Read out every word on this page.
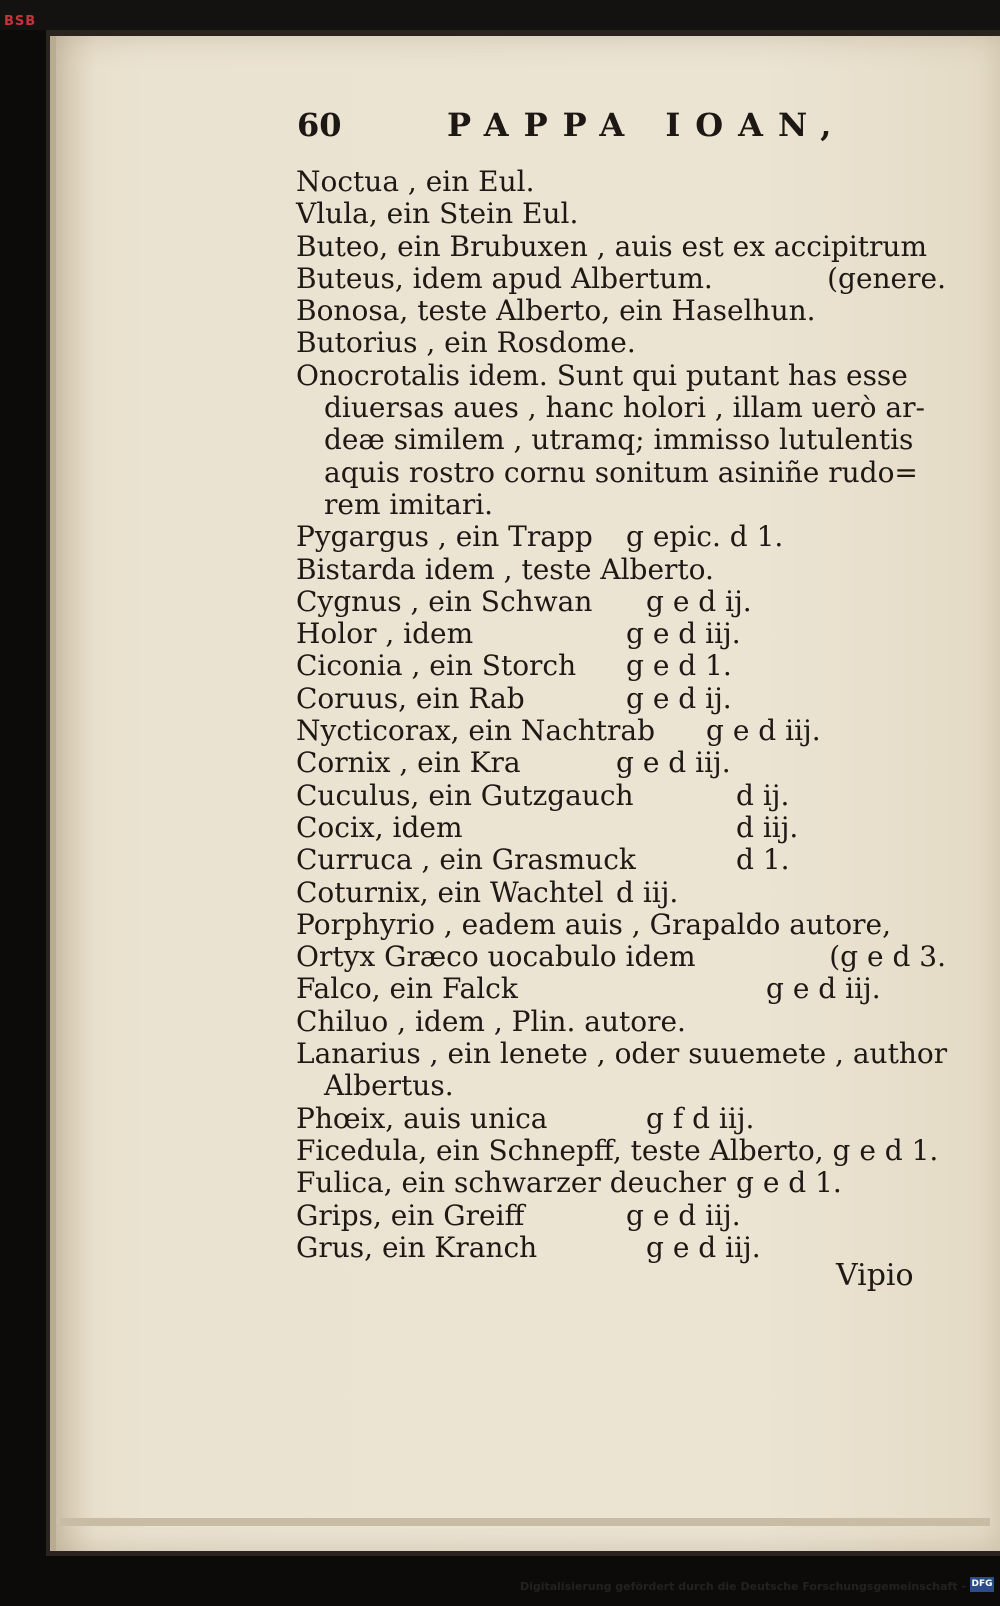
BSB
60	PAPPA IOAN,
Noctua , ein Eul.
Vlula, ein Stein Eul.
Buteo, ein Brubuxen , auis est ex accipitrum
Buteus, idem apud Albertum.	(genere.
Bonosa, teste Alberto, ein Haselhun.
Butorius , ein Rosdome.
Onocrotalis idem. Sunt qui putant has esse
diuersas aues , hanc holori , illam uerò ar-
deæ similem , utramq; immisso lutulentis
aquis rostro cornu sonitum asiniñe rudo=
rem imitari.
Pygargus , ein Trapp g epic. d 1.
Bistarda idem , teste Alberto.
Cygnus , ein Schwan g e d ij.
Holor , idem	g e d iij.
Ciconia , ein Storch g e d 1.
Coruus, ein Rab	g e d ij.
Nycticorax, ein Nachtrab g e d iij.
Cornix , ein Kra	g e d iij.
Cuculus, ein Gutzgauch	d ij.
Cocix, idem	d iij.
Curruca , ein Grasmuck	d 1.
Coturnix, ein Wachtel d iij.
Porphyrio , eadem auis , Grapaldo autore,
Ortyx Græco uocabulo idem	(g e d 3.
Falco, ein Falck	g e d iij.
Chiluo , idem , Plin. autore.
Lanarius , ein lenete , oder suuemete , author
Albertus.
Phœix, auis unica	g f d iij.
Ficedula, ein Schnepff, teste Alberto, g e d 1.
Fulica, ein schwarzer deucher g e d 1.
Grips, ein Greiff	g e d iij.
Grus, ein Kranch	g e d iij.
Vipio
Digitalisierung gefördert durch die Deutsche Forschungsgemeinschaft - DFG
